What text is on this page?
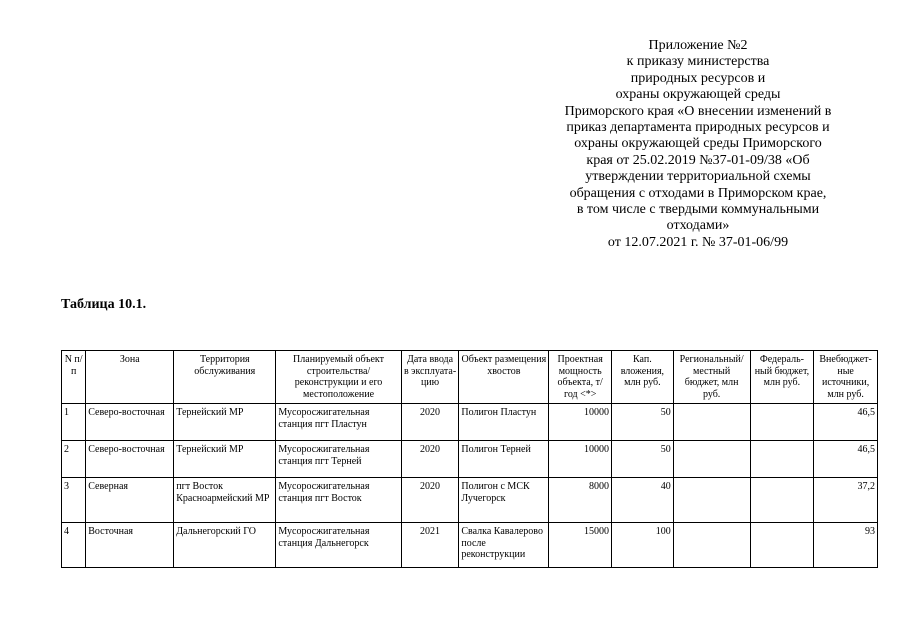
Приложение №2
к приказу министерства
природных ресурсов и
охраны окружающей среды
Приморского края «О внесении изменений в
приказ департамента природных ресурсов и
охраны окружающей среды Приморского
края от 25.02.2019 №37-01-09/38 «Об
утверждении территориальной схемы
обращения с отходами в Приморском крае,
в том числе с твердыми коммунальными
отходами»
от 12.07.2021 г. № 37-01-06/99
Таблица 10.1.
N п/п	Зона	Территория обслуживания	Планируемый объект строительства/реконструкции и его местоположение	Дата ввода в эксплуата-цию	Объект размещения хвостов	Проектная мощность объекта, т/год <*>	Кап. вложения, млн руб.	Региональный/ местный бюджет, млн руб.	Федераль-ный бюджет, млн руб.	Внебюджет-ные источники, млн руб.
1	Северо-восточная	Тернейский МР	Мусоросжигательная станция пгт Пластун	2020	Полигон Пластун	10000	50			46,5
2	Северо-восточная	Тернейский МР	Мусоросжигательная станция пгт Терней	2020	Полигон Терней	10000	50			46,5
3	Северная	пгт Восток Красноармейский МР	Мусоросжигательная станция пгт Восток	2020	Полигон с МСК Лучегорск	8000	40			37,2
4	Восточная	Дальнегорский ГО	Мусоросжигательная станция Дальнегорск	2021	Свалка Кавалерово после реконструкции	15000	100			93
